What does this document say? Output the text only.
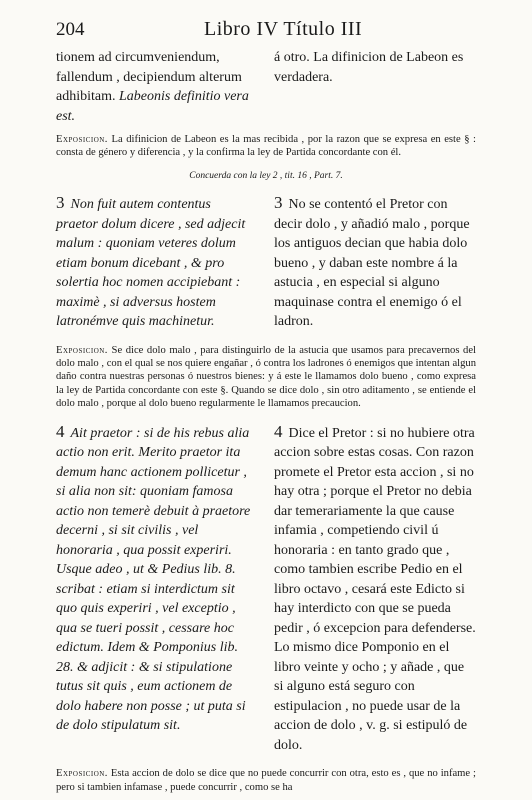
204	Libro IV Título III

tionem ad circumveniendum, fallendum , decipiendum alterum adhibitam. Labeonis definitio vera est.

á otro. La difinicion de Labeon es verdadera.

Exposicion. La difinicion de Labeon es la mas recibida , por la razon que se expresa en este § : consta de género y diferencia , y la confirma la ley de Partida concordante con él.

Concuerda con la ley 2 , tit. 16 , Part. 7.

3 Non fuit autem contentus praetor dolum dicere , sed adjecit malum : quoniam veteres dolum etiam bonum dicebant , & pro solertia hoc nomen accipiebant : maximè , si adversus hostem latronémve quis machinetur.

3 No se contentó el Pretor con decir dolo , y añadió malo , porque los antiguos decian que habia dolo bueno , y daban este nombre á la astucia , en especial si alguno maquinase contra el enemigo ó el ladron.

Exposicion. Se dice dolo malo , para distinguirlo de la astucia que usamos para precavernos del dolo malo , con el qual se nos quiere engañar , ó contra los ladrones ó enemigos que intentan algun daño contra nuestras personas ó nuestros bienes: y á este le llamamos dolo bueno , como expresa la ley de Partida concordante con este §. Quando se dice dolo , sin otro aditamento , se entiende el dolo malo , porque al dolo bueno regularmente le llamamos precaucion.

4 Ait praetor : si de his rebus alia actio non erit. Merito praetor ita demum hanc actionem pollicetur , si alia non sit: quoniam famosa actio non temerè debuit à praetore decerni , si sit civilis , vel honoraria , qua possit experiri. Usque adeo , ut & Pedius lib. 8. scribat : etiam si interdictum sit quo quis experiri , vel exceptio , qua se tueri possit , cessare hoc edictum. Idem & Pomponius lib. 28. & adjicit : & si stipulatione tutus sit quis , eum actionem de dolo habere non posse ; ut puta si de dolo stipulatum sit.

4 Dice el Pretor : si no hubiere otra accion sobre estas cosas. Con razon promete el Pretor esta accion , si no hay otra ; porque el Pretor no debia dar temerariamente la que cause infamia , competiendo civil ú honoraria : en tanto grado que , como tambien escribe Pedio en el libro octavo , cesará este Edicto si hay interdicto con que se pueda pedir , ó excepcion para defenderse. Lo mismo dice Pomponio en el libro veinte y ocho ; y añade , que si alguno está seguro con estipulacion , no puede usar de la accion de dolo , v. g. si estipuló de dolo.

Exposicion. Esta accion de dolo se dice que no puede concurrir con otra, esto es , que no infame ; pero si tambien infamase , puede concurrir , como se ha
